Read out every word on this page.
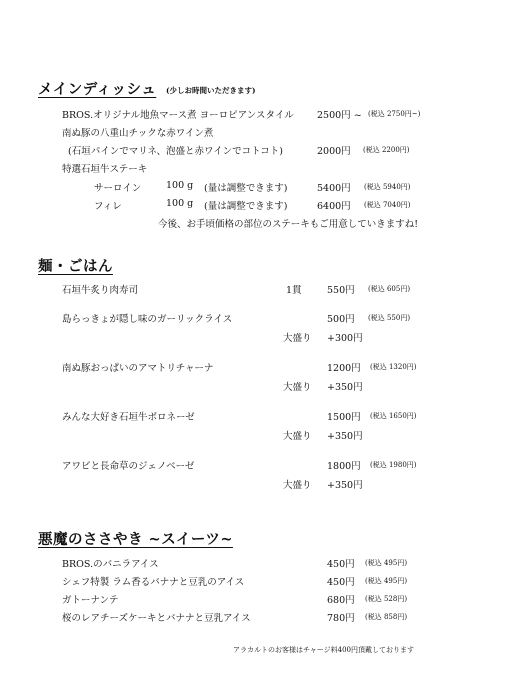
メインディッシュ (少しお時間いただきます)
BROS.オリジナル地魚マース煮 ヨーロピアンスタイル 2500円 ~ (税込 2750円~)
南ぬ豚の八重山チックな赤ワイン煮
(石垣パインでマリネ、泡盛と赤ワインでコトコト)	2000円 (税込 2200円)
特選石垣牛ステーキ
サーロイン	100 g (量は調整できます)	5400円 (税込 5940円)
フィレ	100 g (量は調整できます)	6400円 (税込 7040円)
今後、お手頃価格の部位のステーキもご用意していきますね!
麺・ごはん
石垣牛炙り肉寿司	1貫	550円 (税込 605円)
島らっきょが隠し味のガーリックライス	500円 (税込 550円)
大盛り +300円
南ぬ豚おっぱいのアマトリチャーナ	1200円 (税込 1320円)
大盛り +350円
みんな大好き石垣牛ボロネーゼ	1500円 (税込 1650円)
大盛り +350円
アワビと長命草のジェノベーゼ	1800円 (税込 1980円)
大盛り +350円
悪魔のささやき ~スイーツ~
BROS.のバニラアイス	450円 (税込 495円)
シェフ特製 ラム香るバナナと豆乳のアイス	450円 (税込 495円)
ガトーナンテ	680円 (税込 528円)
桜のレアチーズケーキとバナナと豆乳アイス	780円 (税込 858円)
アラカルトのお客様はチャージ料400円頂戴しております
